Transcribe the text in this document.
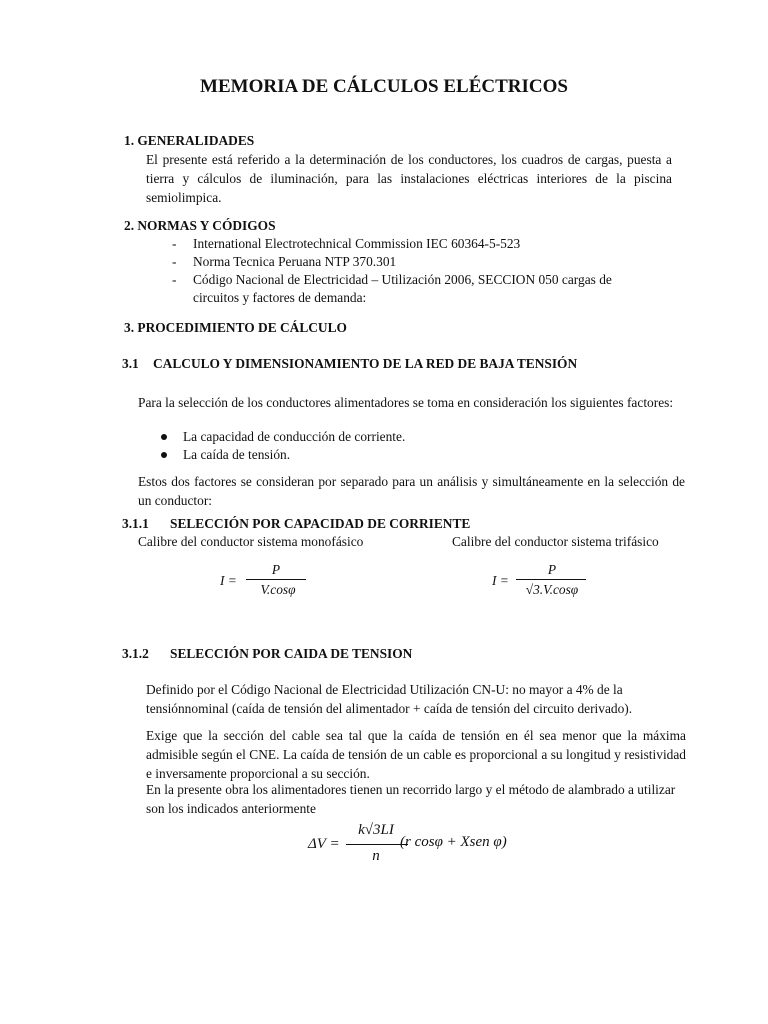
MEMORIA DE CÁLCULOS ELÉCTRICOS
1. GENERALIDADES
El presente está referido a la determinación de los conductores, los cuadros de cargas, puesta a tierra y cálculos de iluminación, para las instalaciones eléctricas interiores de la piscina semiolimpica.
2. NORMAS Y CÓDIGOS
- International Electrotechnical Commission IEC 60364-5-523
- Norma Tecnica Peruana NTP 370.301
- Código Nacional de Electricidad – Utilización 2006, SECCION 050 cargas de
circuitos y factores de demanda:
3. PROCEDIMIENTO DE CÁLCULO
3.1 CALCULO Y DIMENSIONAMIENTO DE LA RED DE BAJA TENSIÓN
Para la selección de los conductores alimentadores se toma en consideración los siguientes factores:
La capacidad de conducción de corriente.
La caída de tensión.
Estos dos factores se consideran por separado para un análisis y simultáneamente en la selección de un conductor:
3.1.1 SELECCIÓN POR CAPACIDAD DE CORRIENTE
Calibre del conductor sistema monofásico	Calibre del conductor sistema trifásico
I =
P
V.cosφ
I =
P
√3.V.cosφ
3.1.2 SELECCIÓN POR CAIDA DE TENSION
Definido por el Código Nacional de Electricidad Utilización CN-U: no mayor a 4% de la tensiónnominal (caída de tensión del alimentador + caída de tensión del circuito derivado).
Exige que la sección del cable sea tal que la caída de tensión en él sea menor que la máxima admisible según el CNE. La caída de tensión de un cable es proporcional a su longitud y resistividad e inversamente proporcional a su sección.
En la presente obra los alimentadores tienen un recorrido largo y el método de alambrado a utilizar son los indicados anteriormente
ΔV =
k√3LI
n
(r cosφ + Xsen φ)
